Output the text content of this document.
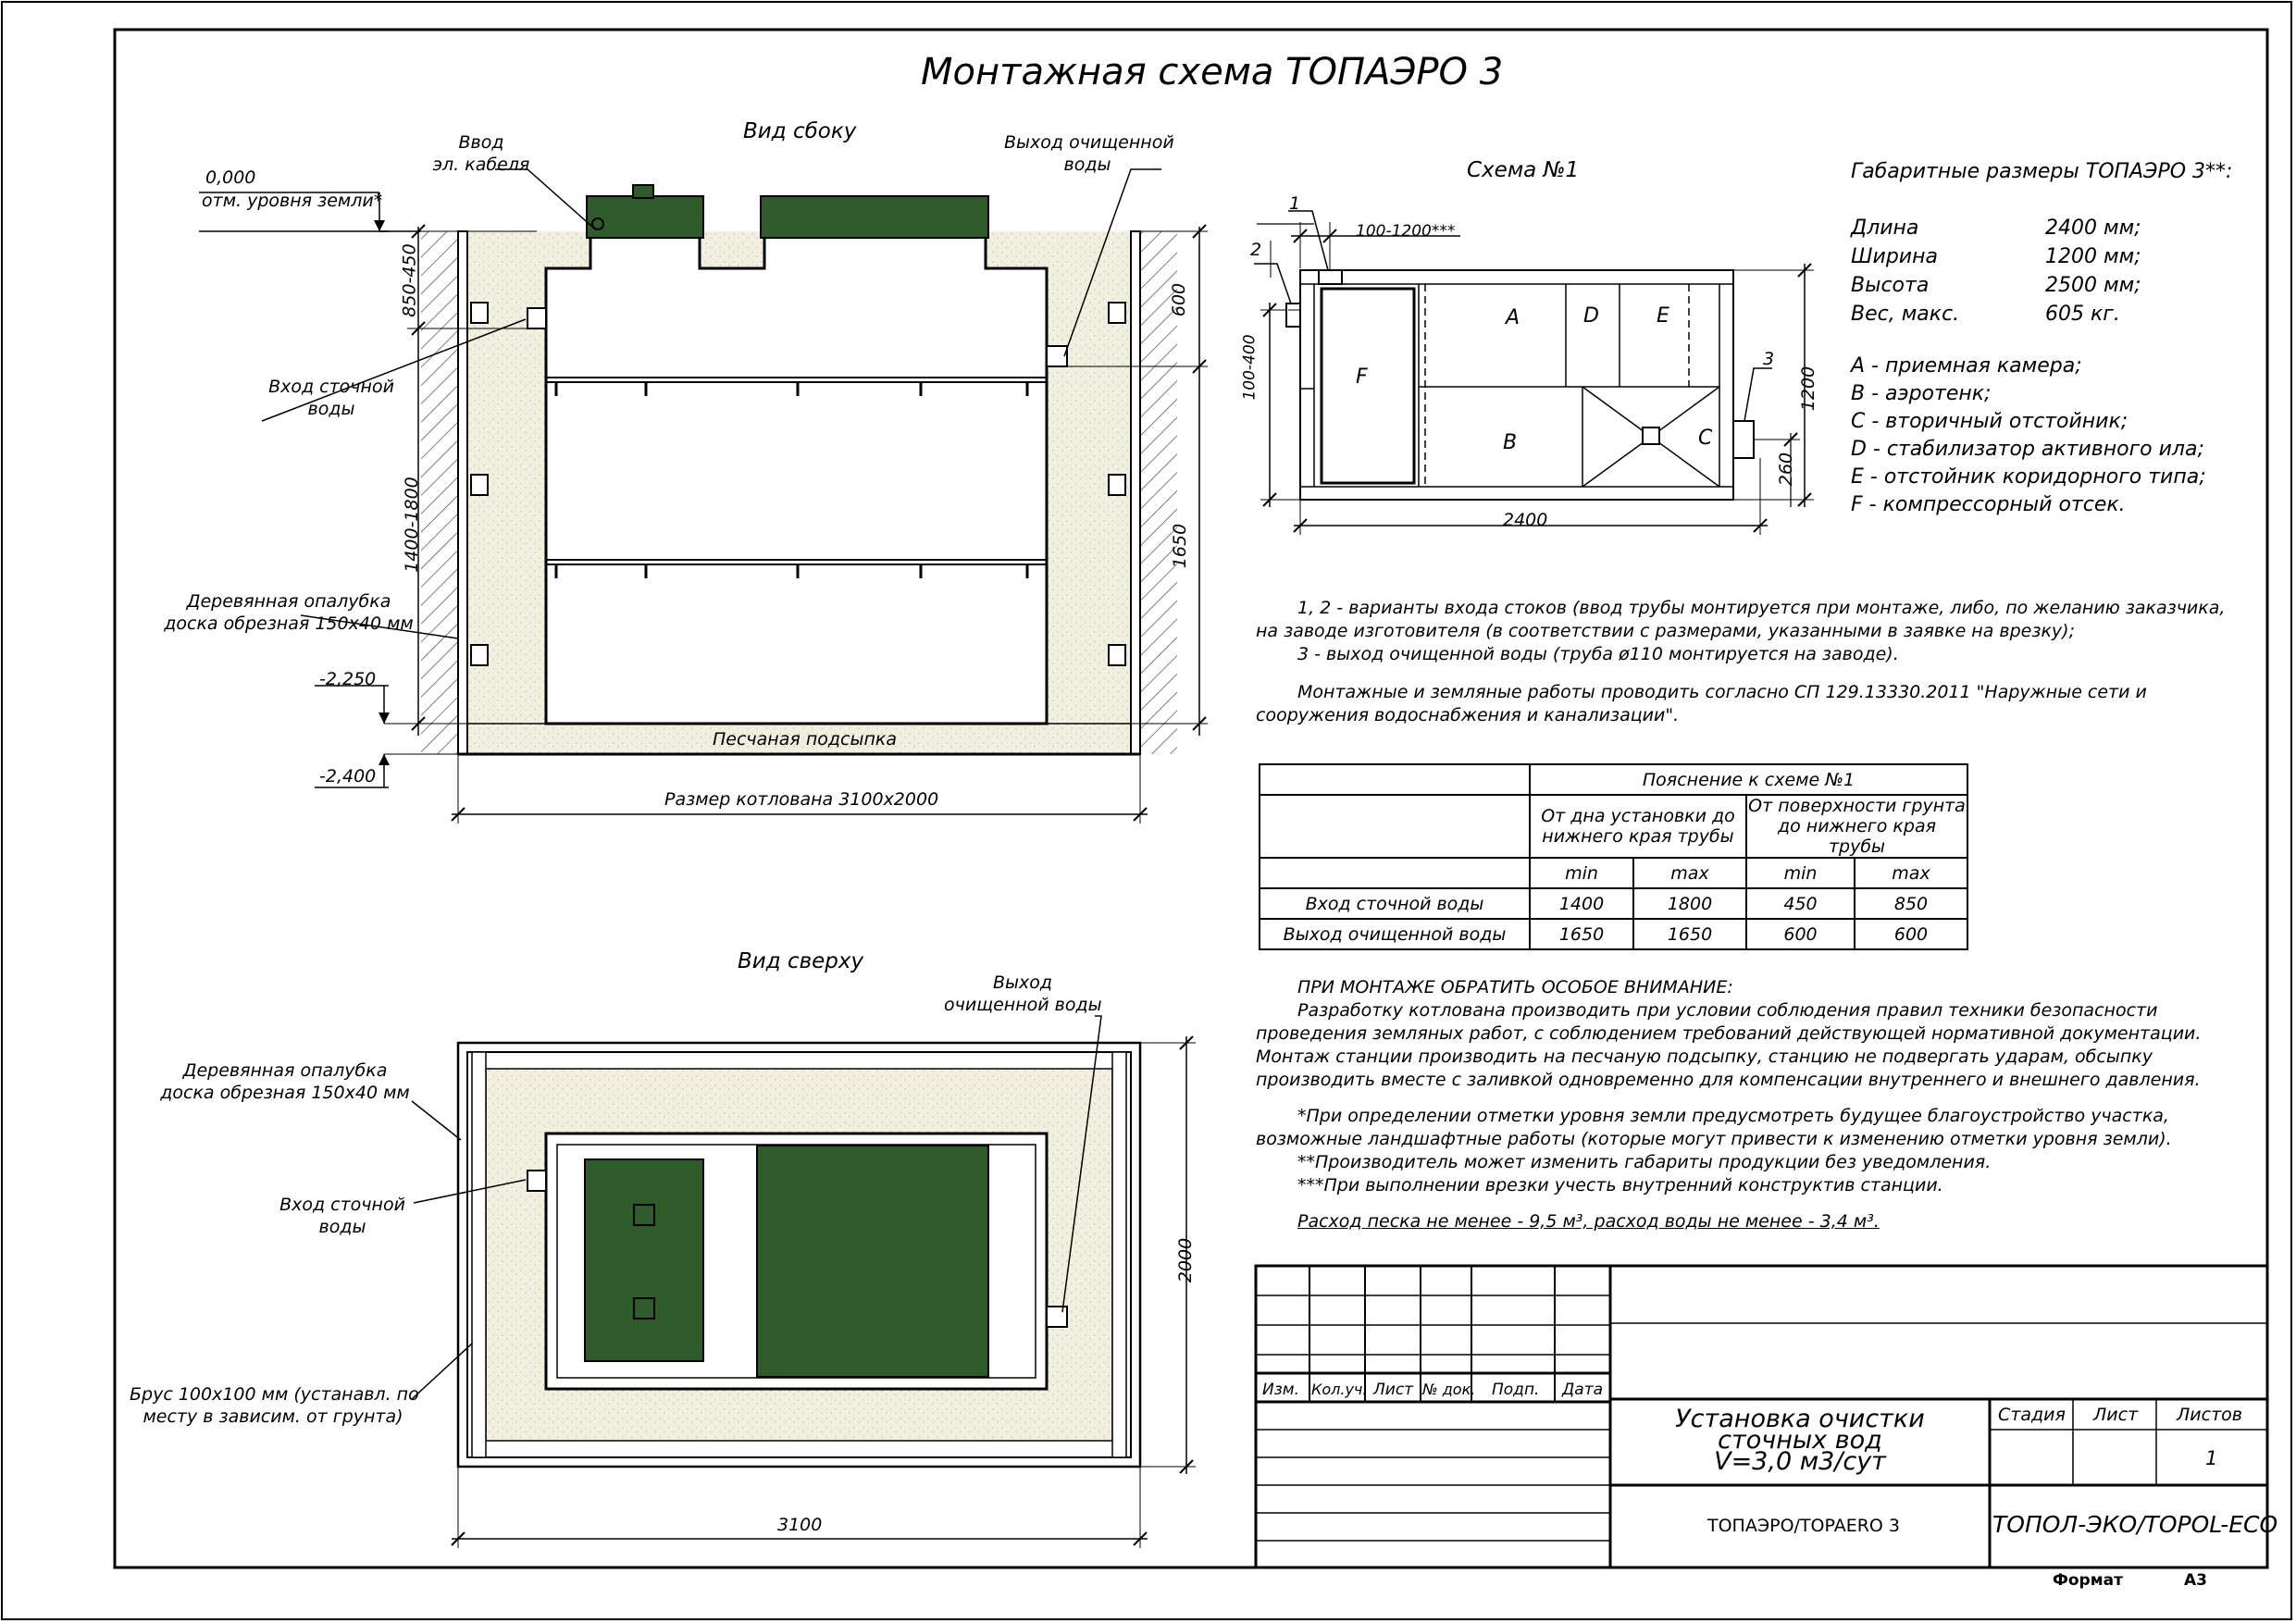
Монтажная схема ТОПАЭРО 3
Вид сбоку
0,000
отм. уровня земли*
Ввод
эл. кабеля
Выход очищенной
воды
Вход сточной
воды
Деревянная опалубка
доска обрезная 150х40 мм
-2,250
-2,400
Песчаная подсыпка
Размер котлована 3100х2000
850-450
1400-1800
600
1650
Вид сверху
Выход
очищенной воды
Деревянная опалубка
доска обрезная 150х40 мм
Вход сточной
воды
Брус 100х100 мм (устанавл. по
месту в зависим. от грунта)
2000
3100
Схема №1
1
2
3
100-1200***
100-400	1200
260
2400
A	D	E
F
B	C
Габаритные размеры ТОПАЭРО 3**:
Длина	2400 мм;
Ширина	1200 мм;
Высота	2500 мм;
Вес, макс.	605 кг.
A - приемная камера;
B - аэротенк;
C - вторичный отстойник;
D - стабилизатор активного ила;
E - отстойник коридорного типа;
F - компрессорный отсек.

1, 2 - варианты входа стоков (ввод трубы монтируется при монтаже, либо, по желанию заказчика, на заводе изготовителя (в соответствии с размерами, указанными в заявке на врезку);

3 - выход очищенной воды (труба ø110 монтируется на заводе).

Монтажные и земляные работы проводить согласно СП 129.13330.2011 "Наружные сети и сооружения водоснабжения и канализации".

	Пояснение к схеме №1			
	От дна установки до нижнего края трубы		От поверхности грунта до нижнего края трубы	
	min	max	min	max
Вход сточной воды	1400	1800	450	850
Выход очищенной воды	1650	1650	600	600

ПРИ МОНТАЖЕ ОБРАТИТЬ ОСОБОЕ ВНИМАНИЕ:

Разработку котлована производить при условии соблюдения правил техники безопасности проведения земляных работ, с соблюдением требований действующей нормативной документации. Монтаж станции производить на песчаную подсыпку, станцию не подвергать ударам, обсыпку производить вместе с заливкой одновременно для компенсации внутреннего и внешнего давления.

*При определении отметки уровня земли предусмотреть будущее благоустройство участка, возможные ландшафтные работы (которые могут привести к изменению отметки уровня земли).

**Производитель может изменить габариты продукции без уведомления.

***При выполнении врезки учесть внутренний конструктив станции.

Расход песка не менее - 9,5 м³, расход воды не менее - 3,4 м³.

Изм. Кол.уч. Лист № док. Подп. Дата
Установка очистки
сточных вод
V=3,0 м3/сут
Стадия Лист Листов
1
ТОПАЭРО/TOPAERO 3	ТОПОЛ-ЭКО/TOPOL-ECO
Формат	А3
